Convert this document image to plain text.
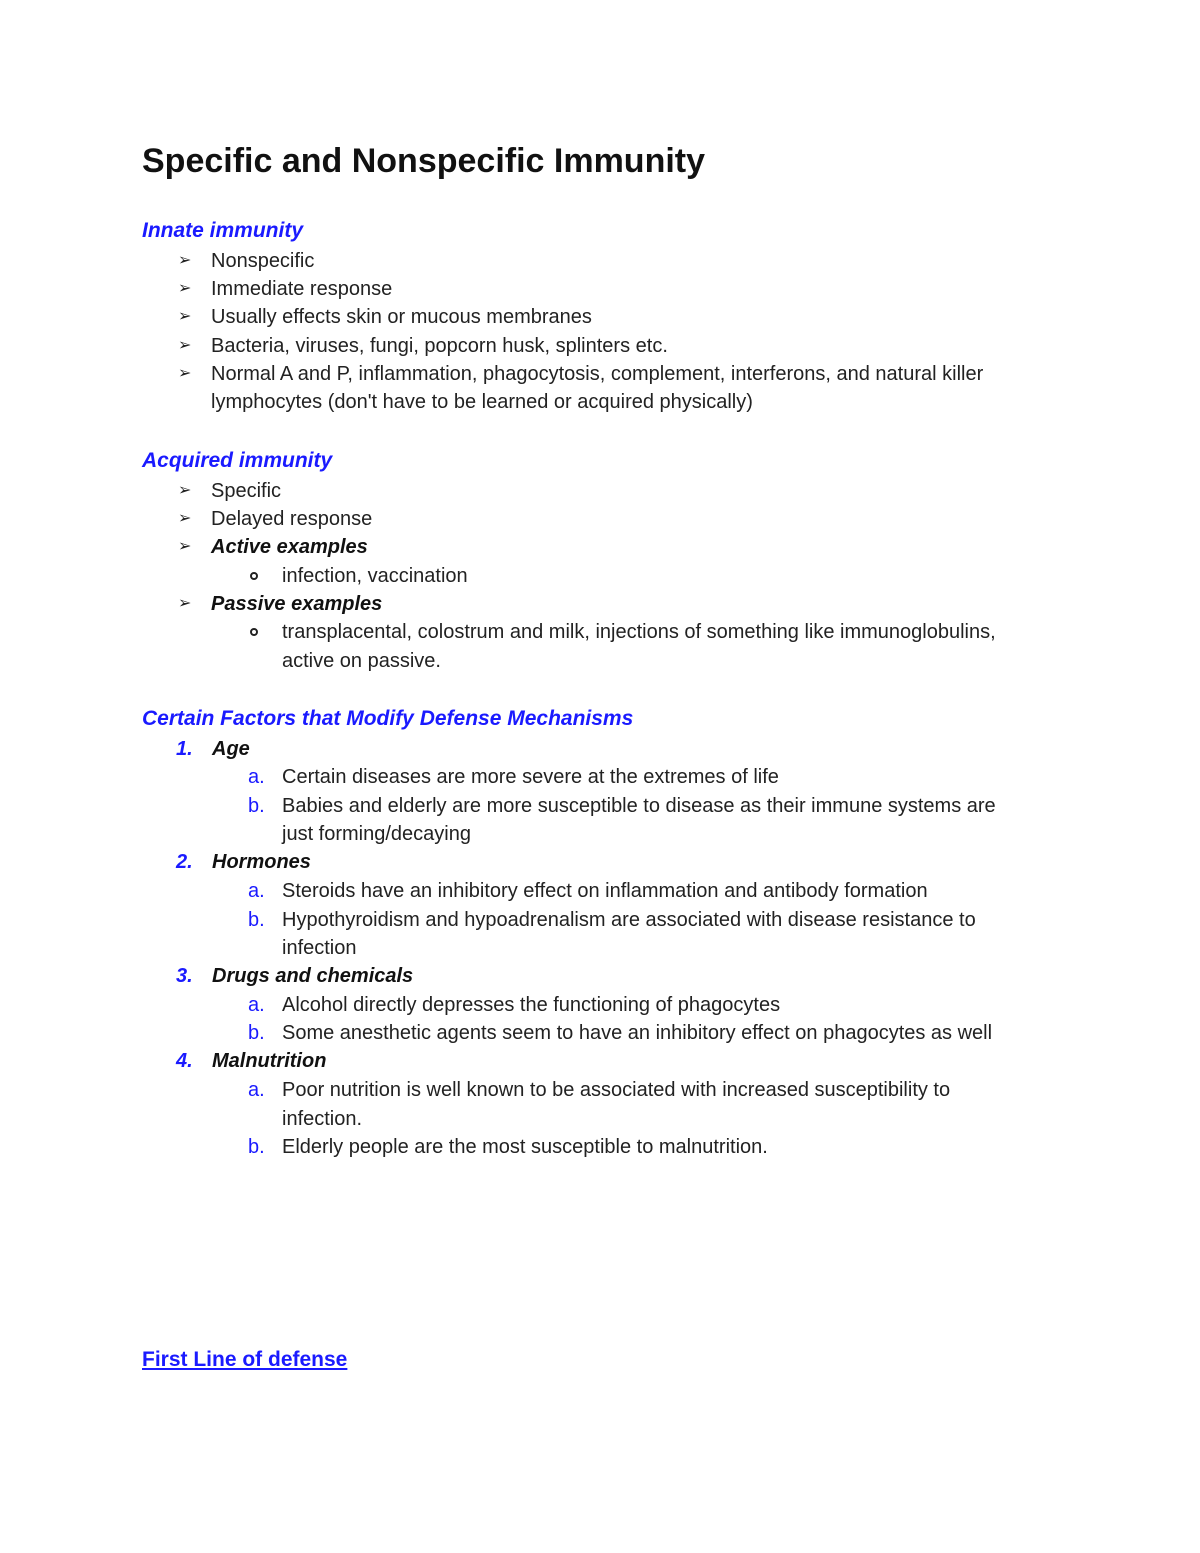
Specific and Nonspecific Immunity
Innate immunity
➢ Nonspecific
➢ Immediate response
➢ Usually effects skin or mucous membranes
➢ Bacteria, viruses, fungi, popcorn husk, splinters etc.
➢ Normal A and P, inflammation, phagocytosis, complement, interferons, and natural killer
lymphocytes (don't have to be learned or acquired physically)
Acquired immunity
➢ Specific
➢ Delayed response
➢ Active examples
infection, vaccination
➢ Passive examples
transplacental, colostrum and milk, injections of something like immunoglobulins,
active on passive.
Certain Factors that Modify Defense Mechanisms
1. Age
a. Certain diseases are more severe at the extremes of life
b. Babies and elderly are more susceptible to disease as their immune systems are
just forming/decaying
2. Hormones
a. Steroids have an inhibitory effect on inflammation and antibody formation
b. Hypothyroidism and hypoadrenalism are associated with disease resistance to
infection
3. Drugs and chemicals
a. Alcohol directly depresses the functioning of phagocytes
b. Some anesthetic agents seem to have an inhibitory effect on phagocytes as well
4. Malnutrition
a. Poor nutrition is well known to be associated with increased susceptibility to
infection.
b. Elderly people are the most susceptible to malnutrition.
First Line of defense
